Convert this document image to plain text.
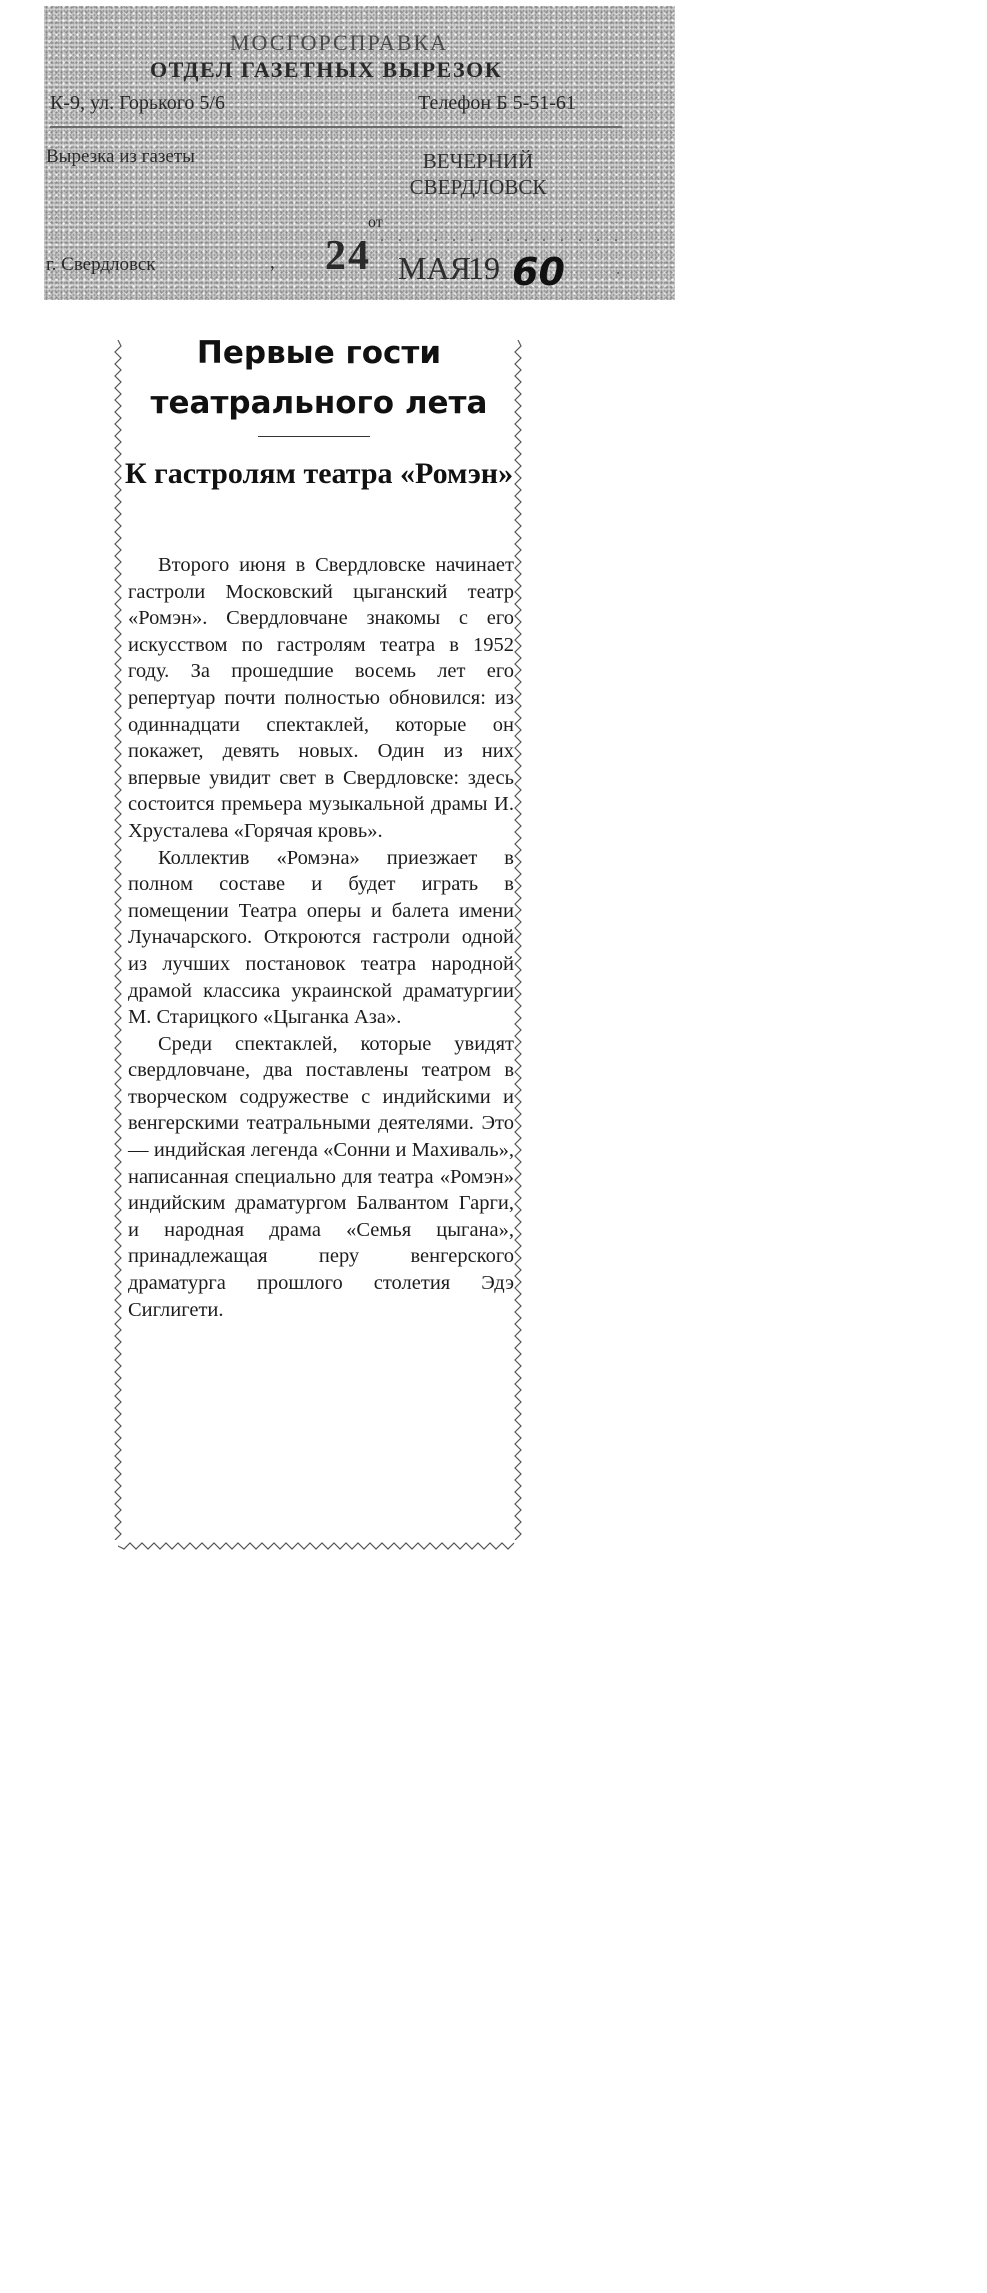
МОСГОРСПРАВКА
ОТДЕЛ ГАЗЕТНЫХ ВЫРЕЗОК
К-9, ул. Горького 5/6	Телефон Б 5-51-61
Вырезка из газеты	ВЕЧЕРНИЙ СВЕРДЛОВСК
от
. . . . . . . . . . . . . .
г. Свердловск	, 24 МАЯ
19 60	.
Первые гости театрального лета
К гастролям театра «Ромэн»

Второго июня в Свердловске начинает гастроли Московский цыганский театр «Ромэн». Свердловчане знакомы с его искусством по гастролям театра в 1952 году. За прошедшие восемь лет его репертуар почти полностью обновился: из одиннадцати спектаклей, которые он покажет, девять новых. Один из них впервые увидит свет в Свердловске: здесь состоится премьера музыкальной драмы И. Хрусталева «Горячая кровь».

Коллектив «Ромэна» приезжает в полном составе и будет играть в помещении Театра оперы и балета имени Луначарского. Откроются гастроли одной из лучших постановок театра народной драмой классика украинской драматургии М. Старицкого «Цыганка Аза».

Среди спектаклей, которые увидят свердловчане, два поставлены театром в творческом содружестве с индийскими и венгерскими театральными деятелями. Это — индийская легенда «Сонни и Махиваль», написанная специально для театра «Ромэн» индийским драматургом Балвантом Гарги, и народная драма «Семья цыгана», принадлежащая перу венгерского драматурга прошлого столетия Эдэ Сиглигети.
